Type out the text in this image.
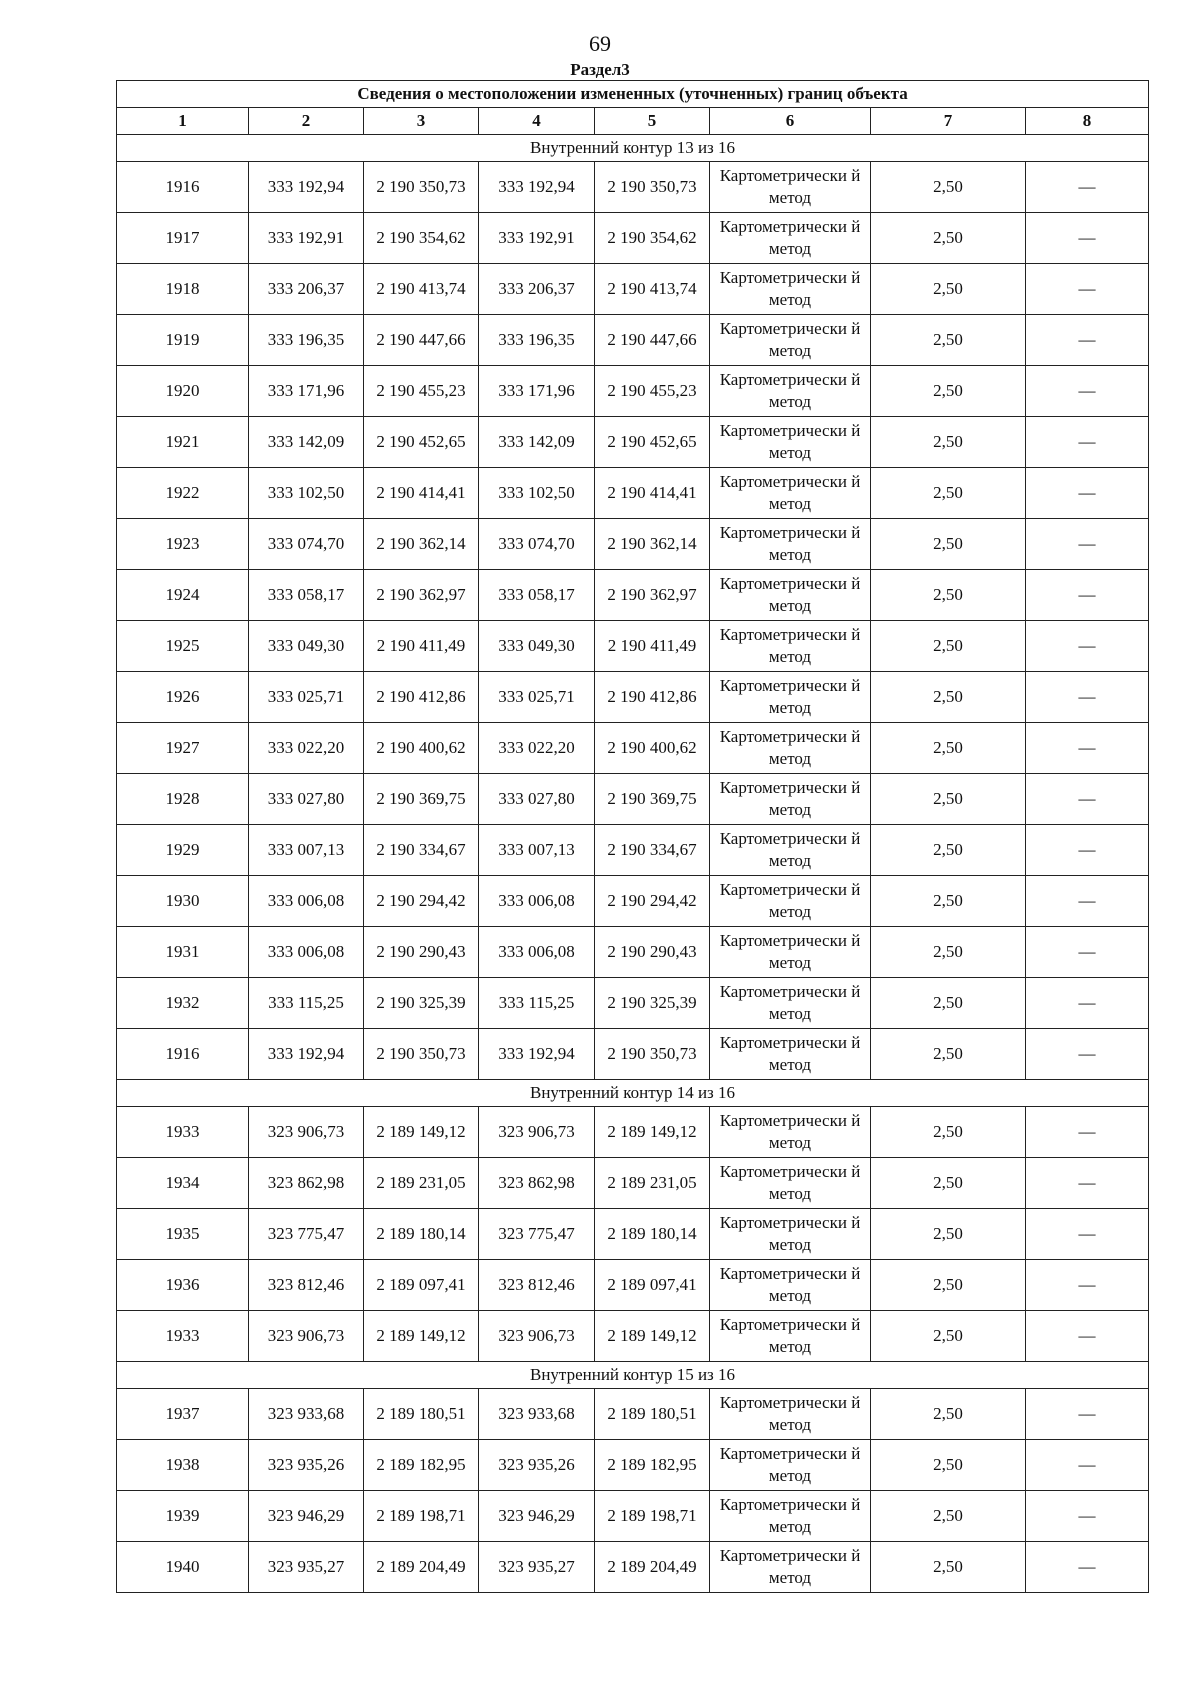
69
Раздел3
Сведения о местоположении измененных (уточненных) границ объекта							
1	2	3	4	5	6	7	8
Внутренний контур 13 из 16							
1916	333 192,94	2 190 350,73	333 192,94	2 190 350,73	Картометрически й метод	2,50	—
1917	333 192,91	2 190 354,62	333 192,91	2 190 354,62	Картометрически й метод	2,50	—
1918	333 206,37	2 190 413,74	333 206,37	2 190 413,74	Картометрически й метод	2,50	—
1919	333 196,35	2 190 447,66	333 196,35	2 190 447,66	Картометрически й метод	2,50	—
1920	333 171,96	2 190 455,23	333 171,96	2 190 455,23	Картометрически й метод	2,50	—
1921	333 142,09	2 190 452,65	333 142,09	2 190 452,65	Картометрически й метод	2,50	—
1922	333 102,50	2 190 414,41	333 102,50	2 190 414,41	Картометрически й метод	2,50	—
1923	333 074,70	2 190 362,14	333 074,70	2 190 362,14	Картометрически й метод	2,50	—
1924	333 058,17	2 190 362,97	333 058,17	2 190 362,97	Картометрически й метод	2,50	—
1925	333 049,30	2 190 411,49	333 049,30	2 190 411,49	Картометрически й метод	2,50	—
1926	333 025,71	2 190 412,86	333 025,71	2 190 412,86	Картометрически й метод	2,50	—
1927	333 022,20	2 190 400,62	333 022,20	2 190 400,62	Картометрически й метод	2,50	—
1928	333 027,80	2 190 369,75	333 027,80	2 190 369,75	Картометрически й метод	2,50	—
1929	333 007,13	2 190 334,67	333 007,13	2 190 334,67	Картометрически й метод	2,50	—
1930	333 006,08	2 190 294,42	333 006,08	2 190 294,42	Картометрически й метод	2,50	—
1931	333 006,08	2 190 290,43	333 006,08	2 190 290,43	Картометрически й метод	2,50	—
1932	333 115,25	2 190 325,39	333 115,25	2 190 325,39	Картометрически й метод	2,50	—
1916	333 192,94	2 190 350,73	333 192,94	2 190 350,73	Картометрически й метод	2,50	—
Внутренний контур 14 из 16							
1933	323 906,73	2 189 149,12	323 906,73	2 189 149,12	Картометрически й метод	2,50	—
1934	323 862,98	2 189 231,05	323 862,98	2 189 231,05	Картометрически й метод	2,50	—
1935	323 775,47	2 189 180,14	323 775,47	2 189 180,14	Картометрически й метод	2,50	—
1936	323 812,46	2 189 097,41	323 812,46	2 189 097,41	Картометрически й метод	2,50	—
1933	323 906,73	2 189 149,12	323 906,73	2 189 149,12	Картометрически й метод	2,50	—
Внутренний контур 15 из 16							
1937	323 933,68	2 189 180,51	323 933,68	2 189 180,51	Картометрически й метод	2,50	—
1938	323 935,26	2 189 182,95	323 935,26	2 189 182,95	Картометрически й метод	2,50	—
1939	323 946,29	2 189 198,71	323 946,29	2 189 198,71	Картометрически й метод	2,50	—
1940	323 935,27	2 189 204,49	323 935,27	2 189 204,49	Картометрически й метод	2,50	—
